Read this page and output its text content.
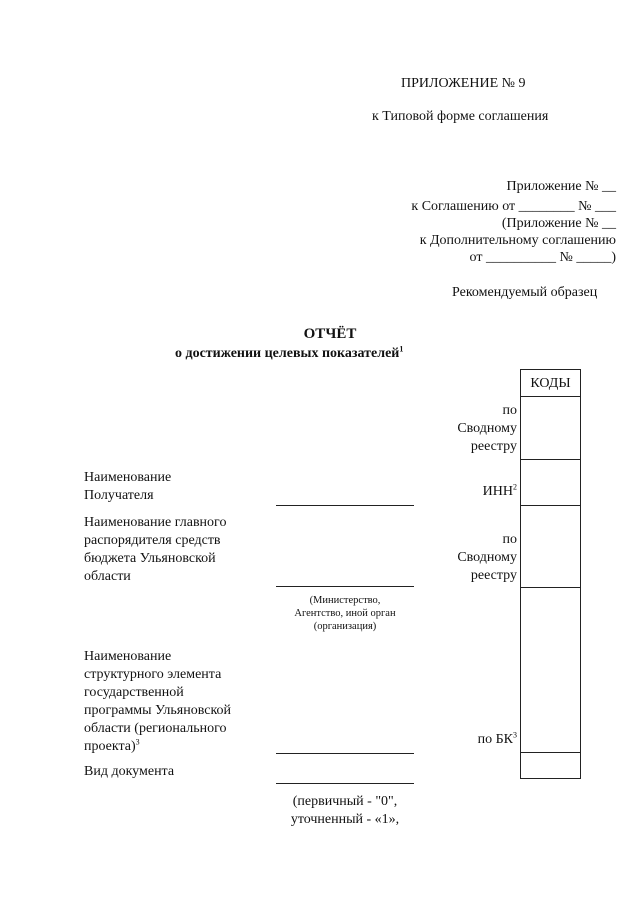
ПРИЛОЖЕНИЕ № 9
к Типовой форме соглашения
Приложение № __
к Соглашению от ________ № ___
(Приложение № __
к Дополнительному соглашению
от __________ № _____)
Рекомендуемый образец
ОТЧЁТ
о достижении целевых показателей$^1$
КОДЫ
по
Сводному
реестру
ИНН$^2$
по
Сводному
реестру
по $БК^3$
Наименование
Получателя
Наименование главного
распорядителя средств
бюджета Ульяновской
области
Наименование
структурного элемента
государственной
программы Ульяновской
области (регионального
проекта)$^3$
Вид документа
(Министерство,
Агентство, иной орган
(организация)
(первичный - "0",
уточненный - «1»,
